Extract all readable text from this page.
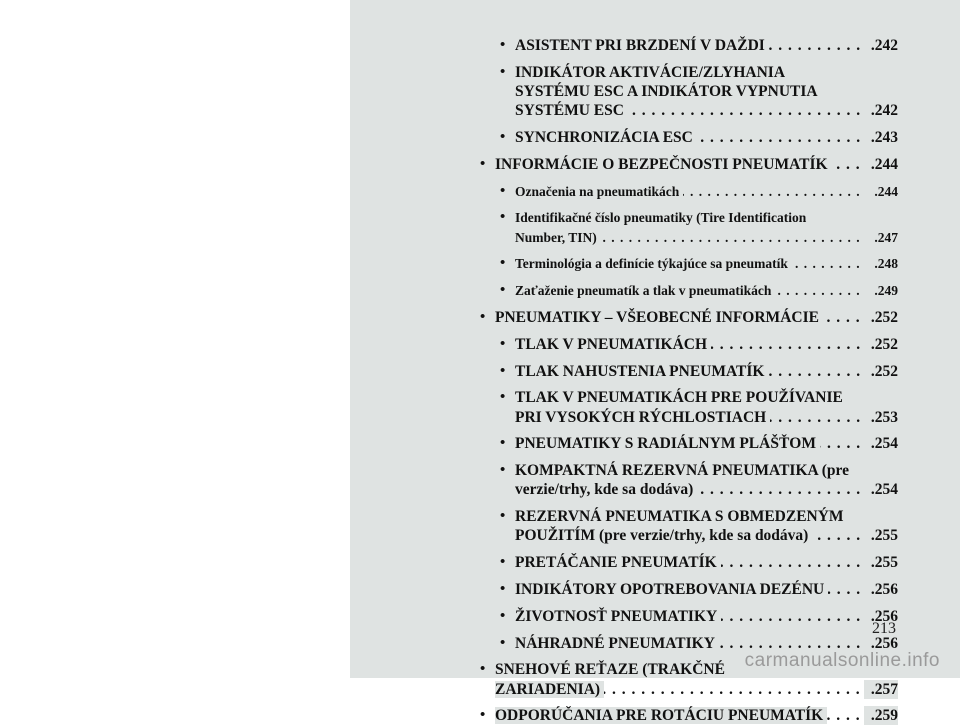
• . . . ASISTENT PRI BRZDENÍ V DAŽDI	.242
• INDIKÁTOR AKTIVÁCIE/ZLYHANIA
SYSTÉMU ESC A INDIKÁTOR VYPNUTIA
. . .
SYSTÉMU ESC	.242
• . . . SYNCHRONIZÁCIA ESC	.243
• . . . INFORMÁCIE O BEZPEČNOSTI PNEUMATÍK	.244
• . . . Označenia na pneumatikách	.244
• Identifikačné číslo pneumatiky (Tire Identification
. . .
Number, TIN)	.247
• . . . Terminológia a definície týkajúce sa pneumatík	.248
• . . . Zaťaženie pneumatík a tlak v pneumatikách	.249
• . . . PNEUMATIKY – VŠEOBECNÉ INFORMÁCIE	.252
• . . . TLAK V PNEUMATIKÁCH	.252
• . . . TLAK NAHUSTENIA PNEUMATÍK	.252
• TLAK V PNEUMATIKÁCH PRE POUŽÍVANIE
. . .
PRI VYSOKÝCH RÝCHLOSTIACH	.253
• . . . PNEUMATIKY S RADIÁLNYM PLÁŠŤOM	.254
• KOMPAKTNÁ REZERVNÁ PNEUMATIKA (pre
. . .
verzie/trhy, kde sa dodáva)	.254
• REZERVNÁ PNEUMATIKA S OBMEDZENÝM
. . .
POUŽITÍM (pre verzie/trhy, kde sa dodáva)	.255
• . . . PRETÁČANIE PNEUMATÍK	.255
• . . . INDIKÁTORY OPOTREBOVANIA DEZÉNU	.256
• . . . ŽIVOTNOSŤ PNEUMATIKY	.256
• . . . NÁHRADNÉ PNEUMATIKY	.256
• SNEHOVÉ REŤAZE (TRAKČNÉ
. . .
ZARIADENIA)	.257
• . . . ODPORÚČANIA PRE ROTÁCIU PNEUMATÍK	.259
213
carmanualsonline.info
